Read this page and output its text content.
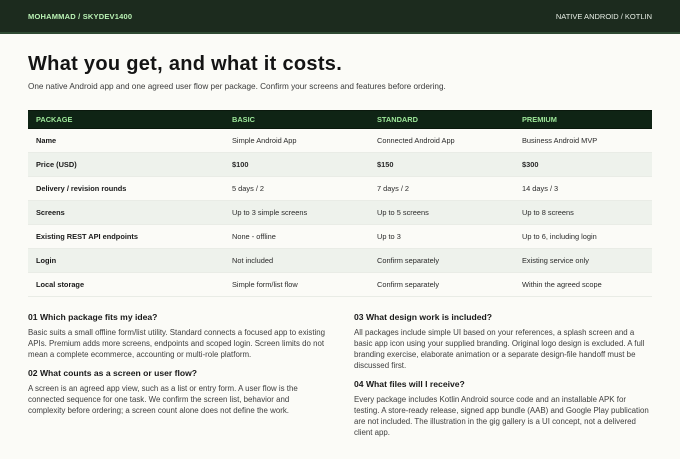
MOHAMMAD / SKYDEV1400	NATIVE ANDROID / KOTLIN
What you get, and what it costs.
One native Android app and one agreed user flow per package. Confirm your screens and features before ordering.
PACKAGE	BASIC	STANDARD	PREMIUM
Name	Simple Android App	Connected Android App	Business Android MVP
Price (USD)	$100	$150	$300
Delivery / revision rounds	5 days / 2	7 days / 2	14 days / 3
Screens	Up to 3 simple screens	Up to 5 screens	Up to 8 screens
Existing REST API endpoints	None - offline	Up to 3	Up to 6, including login
Login	Not included	Confirm separately	Existing service only
Local storage	Simple form/list flow	Confirm separately	Within the agreed scope
01 Which package fits my idea?
Basic suits a small offline form/list utility. Standard connects a focused app to existing APIs. Premium adds more screens, endpoints and scoped login. Screen limits do not mean a complete ecommerce, accounting or multi-role platform.
02 What counts as a screen or user flow?
A screen is an agreed app view, such as a list or entry form. A user flow is the connected sequence for one task. We confirm the screen list, behavior and complexity before ordering; a screen count alone does not define the work.
03 What design work is included?
All packages include simple UI based on your references, a splash screen and a basic app icon using your supplied branding. Original logo design is excluded. A full branding exercise, elaborate animation or a separate design-file handoff must be discussed first.
04 What files will I receive?
Every package includes Kotlin Android source code and an installable APK for testing. A store-ready release, signed app bundle (AAB) and Google Play publication are not included. The illustration in the gig gallery is a UI concept, not a delivered client app.
